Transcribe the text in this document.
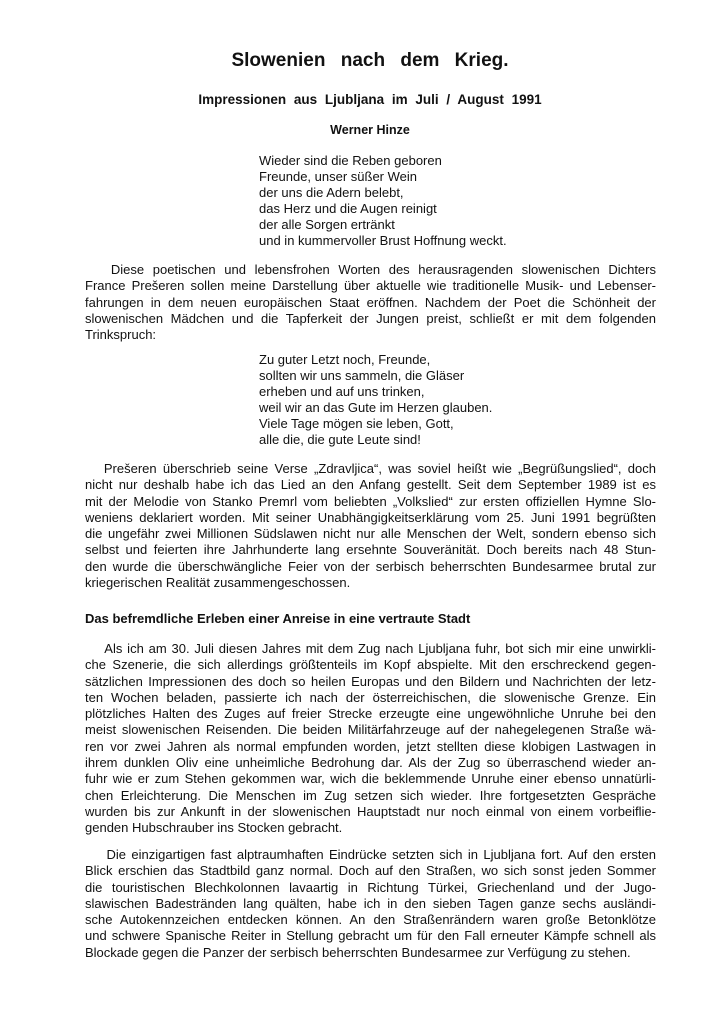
Slowenien nach dem Krieg.
Impressionen aus Ljubljana im Juli / August 1991
Werner Hinze
Wieder sind die Reben geboren
Freunde, unser süßer Wein
der uns die Adern belebt,
das Herz und die Augen reinigt
der alle Sorgen ertränkt
und in kummervoller Brust Hoffnung weckt.
Diese poetischen und lebensfrohen Worten des herausragenden slowenischen Dichters
France Prešeren sollen meine Darstellung über aktuelle wie traditionelle Musik- und Lebenser-
fahrungen in dem neuen europäischen Staat eröffnen. Nachdem der Poet die Schönheit der
slowenischen Mädchen und die Tapferkeit der Jungen preist, schließt er mit dem folgenden
Trinkspruch:
Zu guter Letzt noch, Freunde,
sollten wir uns sammeln, die Gläser
erheben und auf uns trinken,
weil wir an das Gute im Herzen glauben.
Viele Tage mögen sie leben, Gott,
alle die, die gute Leute sind!
Prešeren überschrieb seine Verse „Zdravljica“, was soviel heißt wie „Begrüßungslied“, doch
nicht nur deshalb habe ich das Lied an den Anfang gestellt. Seit dem September 1989 ist es
mit der Melodie von Stanko Premrl vom beliebten „Volkslied“ zur ersten offiziellen Hymne Slo-
weniens deklariert worden. Mit seiner Unabhängigkeitserklärung vom 25. Juni 1991 begrüßten
die ungefähr zwei Millionen Südslawen nicht nur alle Menschen der Welt, sondern ebenso sich
selbst und feierten ihre Jahrhunderte lang ersehnte Souveränität. Doch bereits nach 48 Stun-
den wurde die überschwängliche Feier von der serbisch beherrschten Bundesarmee brutal zur
kriegerischen Realität zusammengeschossen.
Das befremdliche Erleben einer Anreise in eine vertraute Stadt
Als ich am 30. Juli diesen Jahres mit dem Zug nach Ljubljana fuhr, bot sich mir eine unwirkli-
che Szenerie, die sich allerdings größtenteils im Kopf abspielte. Mit den erschreckend gegen-
sätzlichen Impressionen des doch so heilen Europas und den Bildern und Nachrichten der letz-
ten Wochen beladen, passierte ich nach der österreichischen, die slowenische Grenze. Ein
plötzliches Halten des Zuges auf freier Strecke erzeugte eine ungewöhnliche Unruhe bei den
meist slowenischen Reisenden. Die beiden Militärfahrzeuge auf der nahegelegenen Straße wä-
ren vor zwei Jahren als normal empfunden worden, jetzt stellten diese klobigen Lastwagen in
ihrem dunklen Oliv eine unheimliche Bedrohung dar. Als der Zug so überraschend wieder an-
fuhr wie er zum Stehen gekommen war, wich die beklemmende Unruhe einer ebenso unnatürli-
chen Erleichterung. Die Menschen im Zug setzen sich wieder. Ihre fortgesetzten Gespräche
wurden bis zur Ankunft in der slowenischen Hauptstadt nur noch einmal von einem vorbeiflie-
genden Hubschrauber ins Stocken gebracht.
Die einzigartigen fast alptraumhaften Eindrücke setzten sich in Ljubljana fort. Auf den ersten
Blick erschien das Stadtbild ganz normal. Doch auf den Straßen, wo sich sonst jeden Sommer
die touristischen Blechkolonnen lavaartig in Richtung Türkei, Griechenland und der Jugo-
slawischen Badestränden lang quälten, habe ich in den sieben Tagen ganze sechs ausländi-
sche Autokennzeichen entdecken können. An den Straßenrändern waren große Betonklötze
und schwere Spanische Reiter in Stellung gebracht um für den Fall erneuter Kämpfe schnell als
Blockade gegen die Panzer der serbisch beherrschten Bundesarmee zur Verfügung zu stehen.
